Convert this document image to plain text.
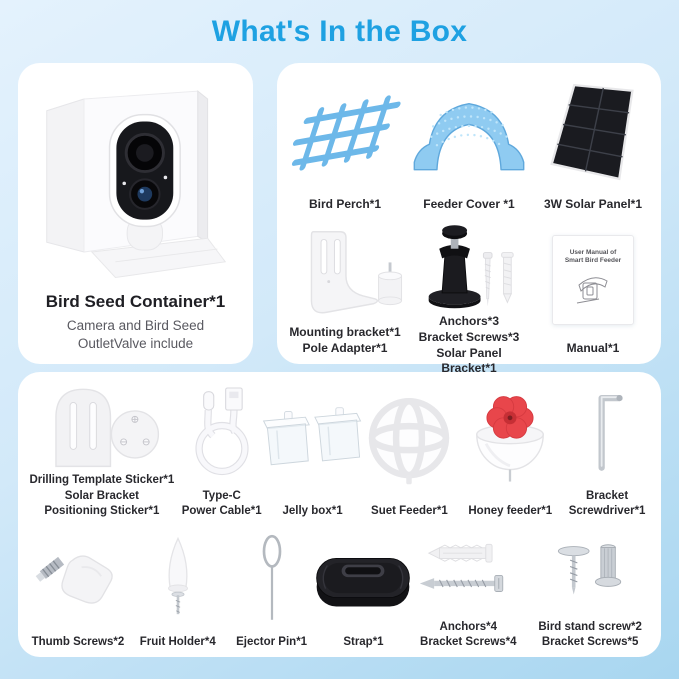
What's In the Box
Bird Seed Container*1
Camera and Bird Seed
OutletValve include
Bird Perch*1	Feeder Cover *1 3W Solar Panel*1
Mounting bracket*1
Pole Adapter*1
Anchors*3
Bracket Screws*3
Solar Panel Bracket*1
User Manual of
Smart Bird Feeder
Manual*1
Drilling Template Sticker*1
Solar Bracket
Positioning Sticker*1
Type-C
Power Cable*1 Jelly box*1 Suet Feeder*1 Honey feeder*1
Bracket
Screwdriver*1
Thumb Screws*2 Fruit Holder*4 Ejector Pin*1	Strap*1
Anchors*4
Bracket Screws*4
Bird stand screw*2
Bracket Screws*5
